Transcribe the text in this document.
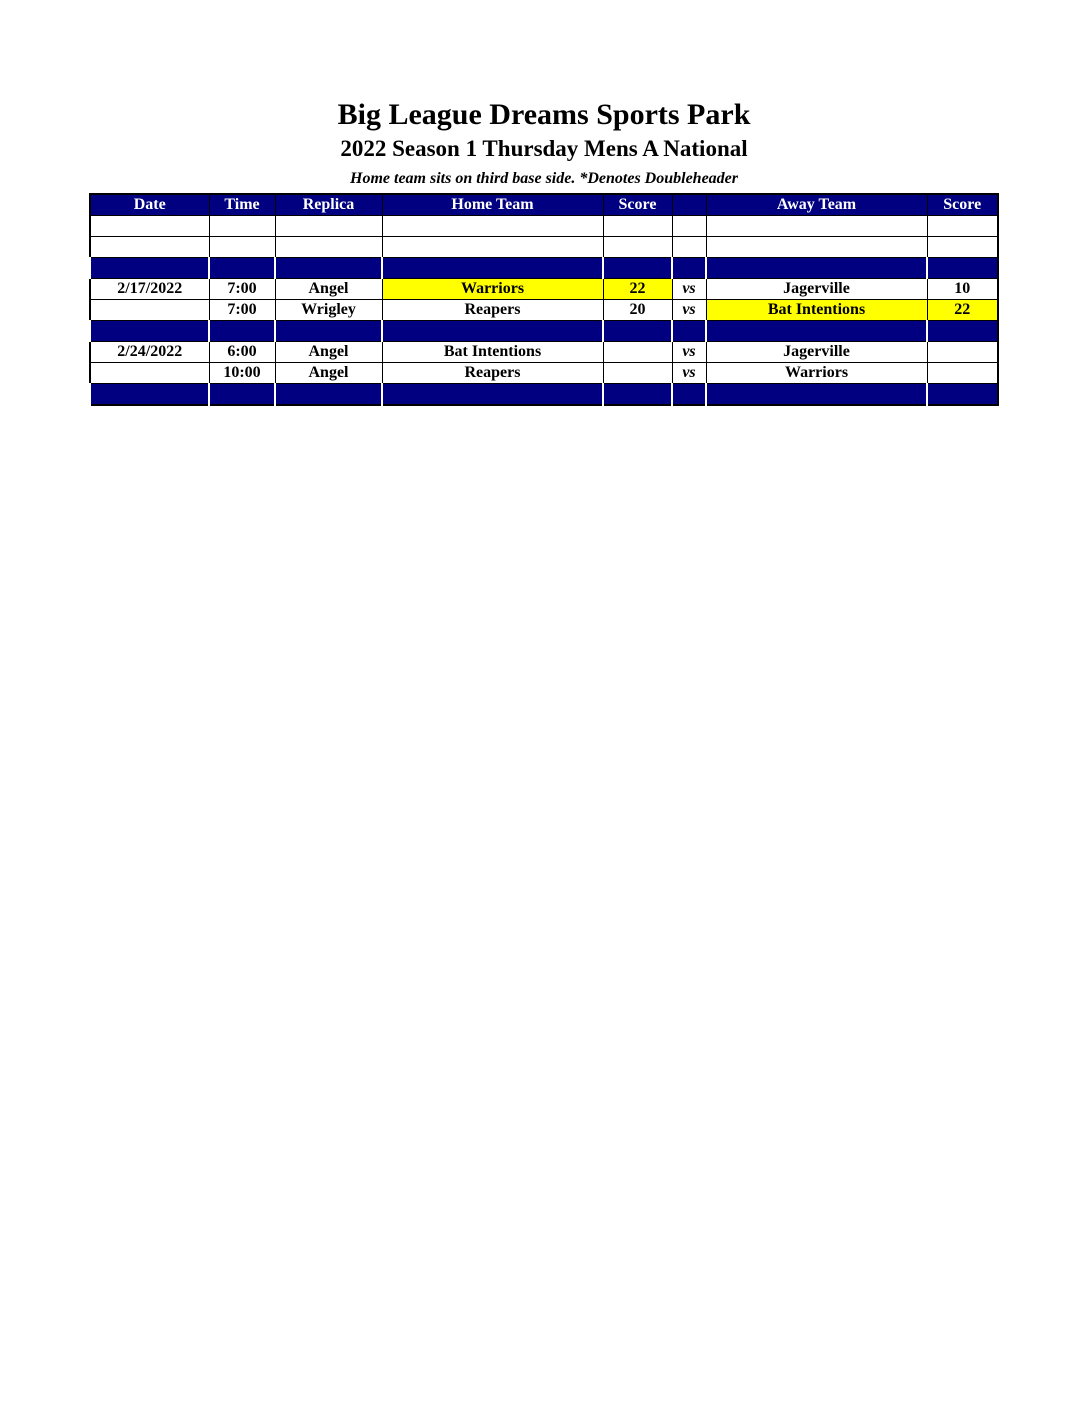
Big League Dreams Sports Park
2022 Season 1 Thursday Mens A National
Home team sits on third base side. *Denotes Doubleheader
Date	Time	Replica	Home Team	Score		Away Team	Score

2/17/2022	7:00	Angel	Warriors	22	vs	Jagerville	10
	7:00	Wrigley	Reapers	20	vs	Bat Intentions	22

2/24/2022	6:00	Angel	Bat Intentions		vs	Jagerville	
	10:00	Angel	Reapers		vs	Warriors	
